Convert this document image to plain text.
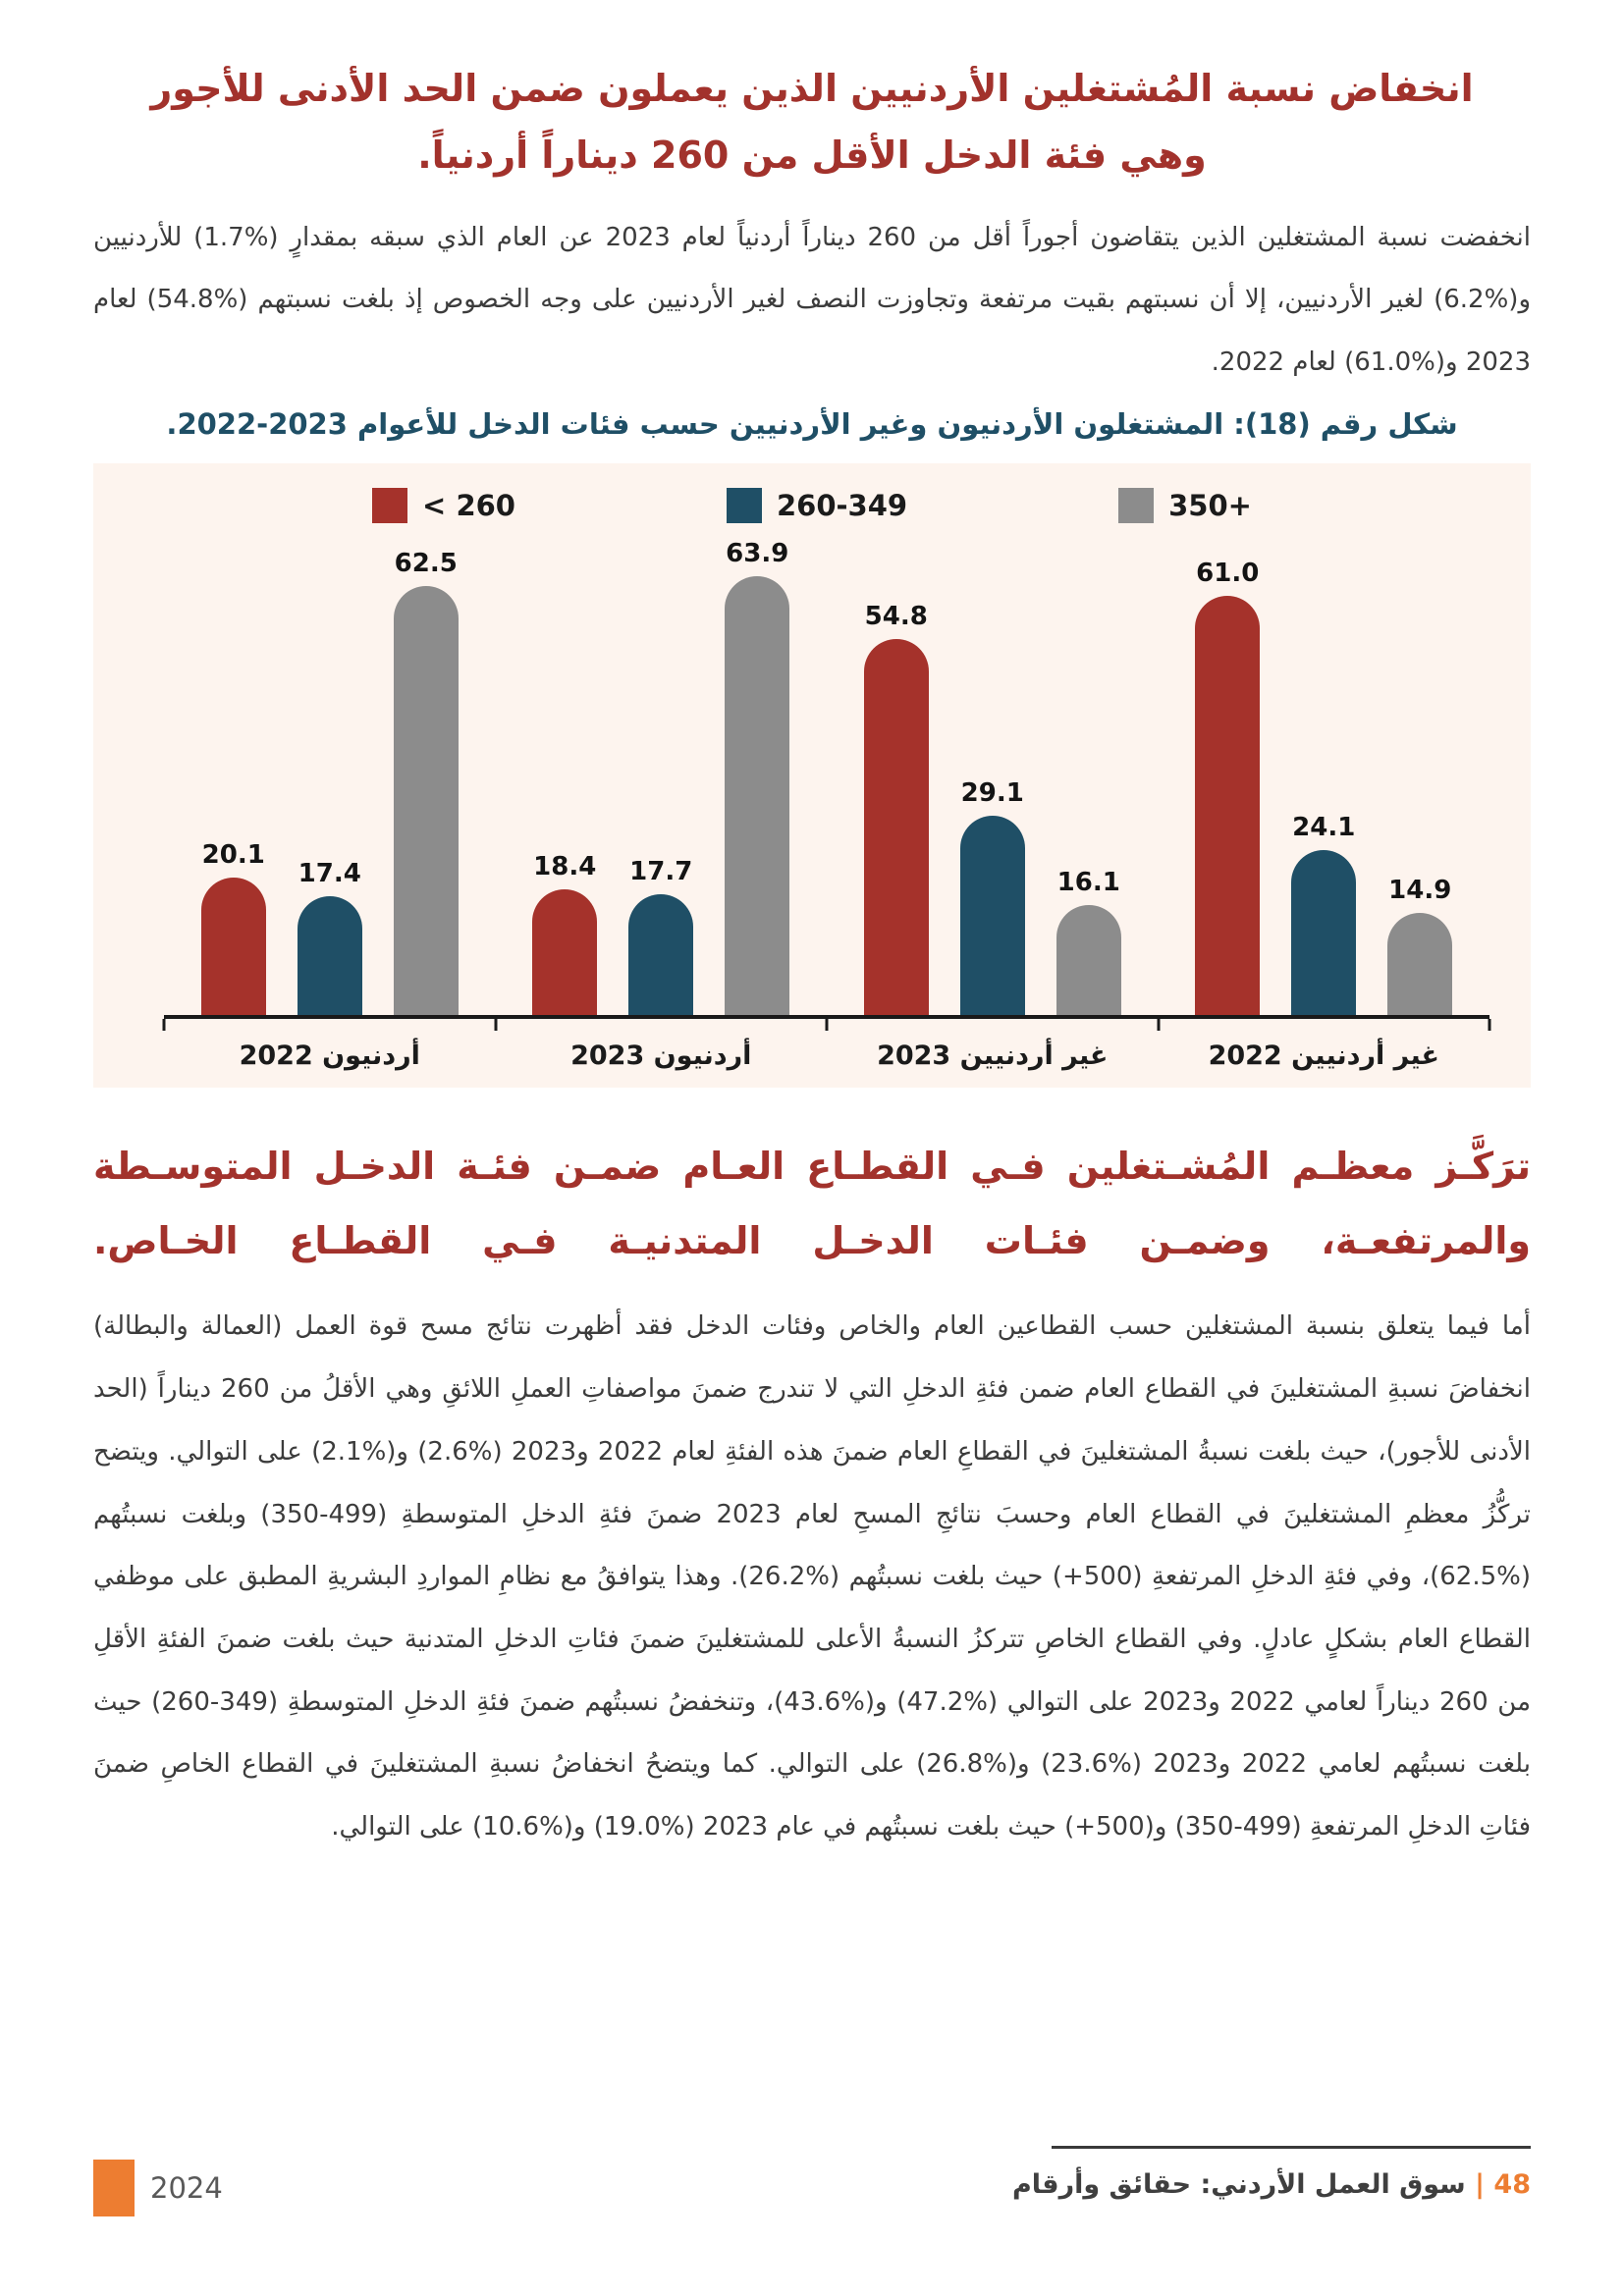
انخفاض نسبة المُشتغلين الأردنيين الذين يعملون ضمن الحد الأدنى للأجور
وهي فئة الدخل الأقل من 260 ديناراً أردنياً.

انخفضت نسبة المشتغلين الذين يتقاضون أجوراً أقل من 260 ديناراً أردنياً لعام 2023 عن العام الذي سبقه بمقدارٍ (%1.7) للأردنيين و(%6.2) لغير الأردنيين، إلا أن نسبتهم بقيت مرتفعة وتجاوزت النصف لغير الأردنيين على وجه الخصوص إذ بلغت نسبتهم (%54.8) لعام 2023 و(%61.0) لعام 2022.

شكل رقم (18): المشتغلون الأردنيون وغير الأردنيين حسب فئات الدخل للأعوام 2023-2022.
< 260	260-349	350+
20.1
17.4
62.5
18.4 17.7
63.9
54.8
29.1
16.1
61.0
24.1
14.9
أردنيون 2022	أردنيون 2023	غير أردنيين 2023	غير أردنيين 2022
ترَكَّـز معظـم المُشـتغلين فـي القطـاع العـام ضمـن فئـة الدخـل المتوسـطة والمرتفعـة، وضمـن فئـات الدخـل المتدنيـة فـي القطـاع الخـاص.

أما فيما يتعلق بنسبة المشتغلين حسب القطاعين العام والخاص وفئات الدخل فقد أظهرت نتائج مسح قوة العمل (العمالة والبطالة) انخفاضَ نسبةِ المشتغلينَ في القطاع العام ضمن فئةِ الدخلِ التي لا تندرج ضمنَ مواصفاتِ العملِ اللائقِ وهي الأقلُ من 260 ديناراً (الحد الأدنى للأجور)، حيث بلغت نسبةُ المشتغلينَ في القطاعِ العام ضمنَ هذه الفئةِ لعام 2022 و2023 (%2.6) و(%2.1) على التوالي. ويتضح تركُّزُ معظمِ المشتغلينَ في القطاع العام وحسبَ نتائجِ المسحِ لعام 2023 ضمنَ فئةِ الدخلِ المتوسطةِ (499-350) وبلغت نسبتُهم (%62.5)، وفي فئةِ الدخلِ المرتفعةِ (500+) حيث بلغت نسبتُهم (%26.2). وهذا يتوافقُ مع نظامِ المواردِ البشريةِ المطبق على موظفي القطاع العام بشكلٍ عادلٍ. وفي القطاع الخاصِ تتركزُ النسبةُ الأعلى للمشتغلينَ ضمنَ فئاتِ الدخلِ المتدنية حيث بلغت ضمنَ الفئةِ الأقلِ من 260 ديناراً لعامي 2022 و2023 على التوالي (%47.2) و(%43.6)، وتنخفضُ نسبتُهم ضمنَ فئةِ الدخلِ المتوسطةِ (349-260) حيث بلغت نسبتُهم لعامي 2022 و2023 (%23.6) و(%26.8) على التوالي. كما ويتضحُ انخفاضُ نسبةِ المشتغلينَ في القطاع الخاصِ ضمنَ فئاتِ الدخلِ المرتفعةِ (499-350) و(500+) حيث بلغت نسبتُهم في عام 2023 (%19.0) و(%10.6) على التوالي.

48 | سوق العمل الأردني: حقائق وأرقام
2024
